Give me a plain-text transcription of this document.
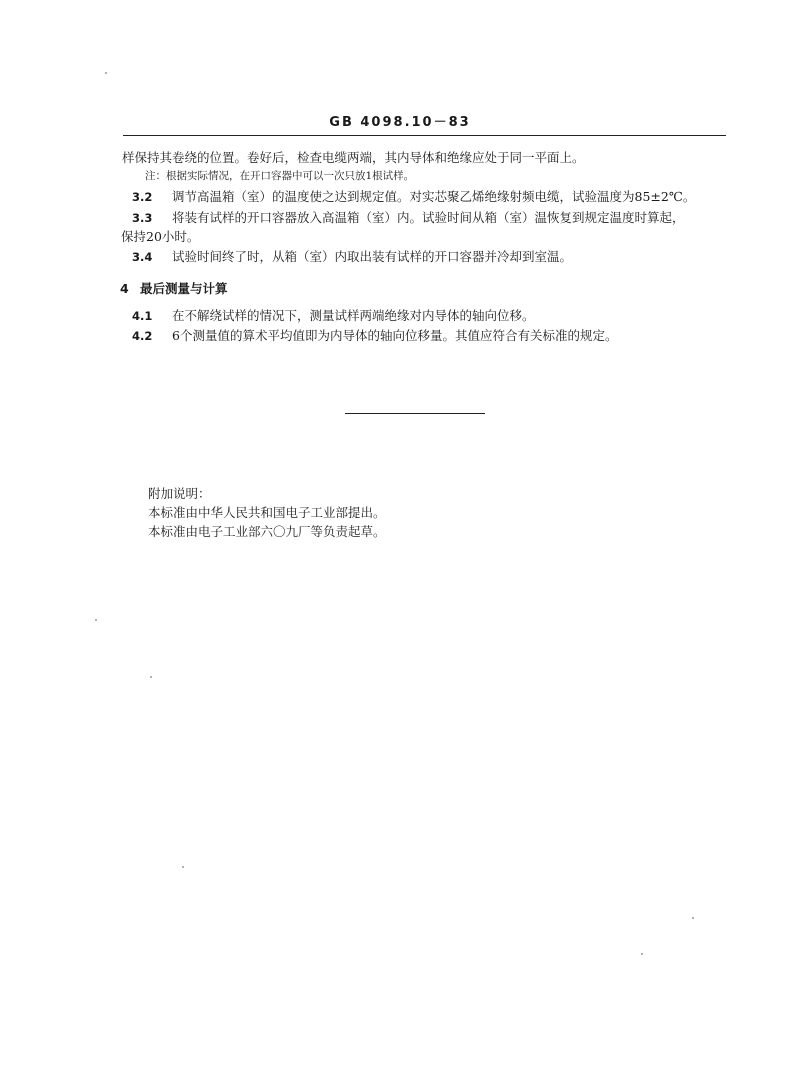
GB 4098.10－83
样保持其卷绕的位置。卷好后，检查电缆两端，其内导体和绝缘应处于同一平面上。
注：根据实际情况，在开口容器中可以一次只放1根试样。
3.2 调节高温箱（室）的温度使之达到规定值。对实芯聚乙烯绝缘射频电缆，试验温度为85±2℃。
3.3 将装有试样的开口容器放入高温箱（室）内。试验时间从箱（室）温恢复到规定温度时算起，
保持20小时。
3.4 试验时间终了时，从箱（室）内取出装有试样的开口容器并冷却到室温。
4 最后测量与计算
4.1 在不解绕试样的情况下，测量试样两端绝缘对内导体的轴向位移。
4.2 6个测量值的算术平均值即为内导体的轴向位移量。其值应符合有关标准的规定。
附加说明：
本标准由中华人民共和国电子工业部提出。
本标准由电子工业部六〇九厂等负责起草。
